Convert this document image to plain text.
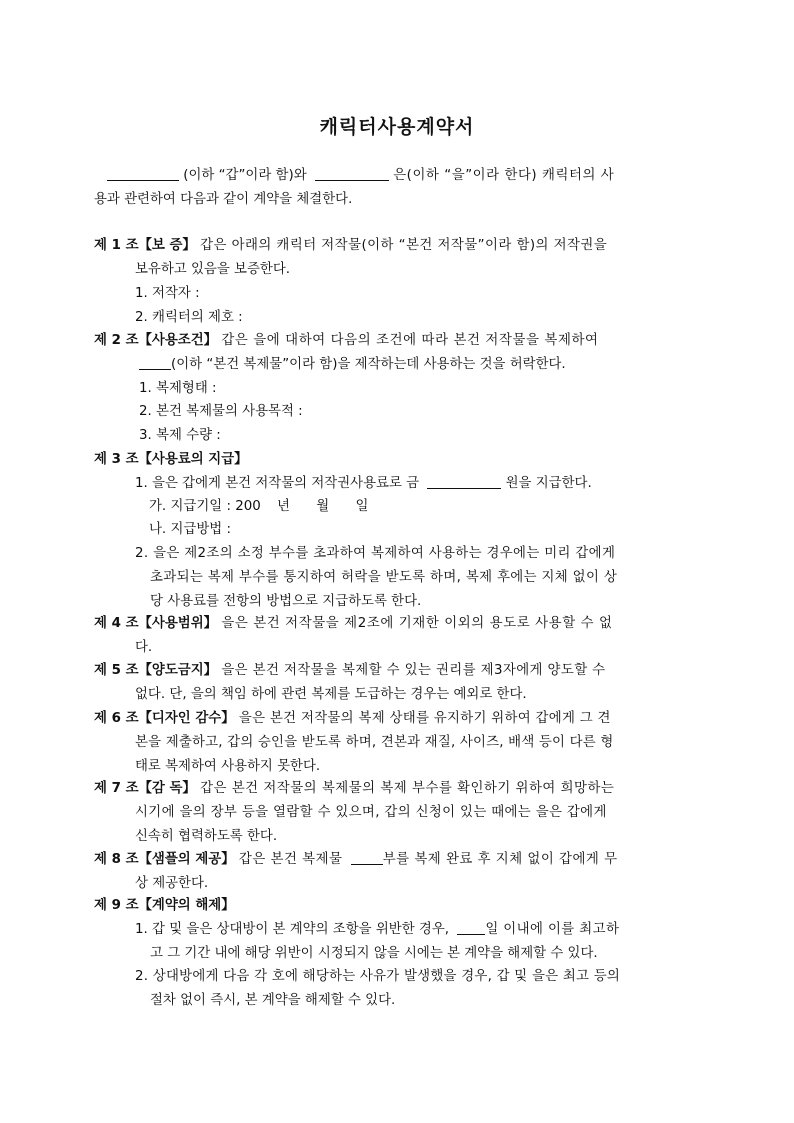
캐릭터사용계약서
(이하 “갑”이라 함)와	은(이하 “을”이라 한다) 캐릭터의 사
용과 관련하여 다음과 같이 계약을 체결한다.
제 1 조【보 증】 갑은 아래의 캐릭터 저작물(이하 “본건 저작물”이라 함)의 저작권을
보유하고 있음을 보증한다.
1. 저작자 :
2. 캐릭터의 제호 :
제 2 조【사용조건】 갑은 을에 대하여 다음의 조건에 따라 본건 저작물을 복제하여
(이하 “본건 복제물”이라 함)을 제작하는데 사용하는 것을 허락한다.
1. 복제형태 :
2. 본건 복제물의 사용목적 :
3. 복제 수량 :
제 3 조【사용료의 지급】
1. 을은 갑에게 본건 저작물의 저작권사용료로 금	원을 지급한다.
가. 지급기일 : 200 년 월 일
나. 지급방법 :
2. 을은 제2조의 소정 부수를 초과하여 복제하여 사용하는 경우에는 미리 갑에게
초과되는 복제 부수를 통지하여 허락을 받도록 하며, 복제 후에는 지체 없이 상
당 사용료를 전항의 방법으로 지급하도록 한다.
제 4 조【사용범위】 을은 본건 저작물을 제2조에 기재한 이외의 용도로 사용할 수 없
다.
제 5 조【양도금지】 을은 본건 저작물을 복제할 수 있는 권리를 제3자에게 양도할 수
없다. 단, 을의 책임 하에 관련 복제를 도급하는 경우는 예외로 한다.
제 6 조【디자인 감수】 을은 본건 저작물의 복제 상태를 유지하기 위하여 갑에게 그 견
본을 제출하고, 갑의 승인을 받도록 하며, 견본과 재질, 사이즈, 배색 등이 다른 형
태로 복제하여 사용하지 못한다.
제 7 조【감 독】 갑은 본건 저작물의 복제물의 복제 부수를 확인하기 위하여 희망하는
시기에 을의 장부 등을 열람할 수 있으며, 갑의 신청이 있는 때에는 을은 갑에게
신속히 협력하도록 한다.
제 8 조【샘플의 제공】 갑은 본건 복제물	부를 복제 완료 후 지체 없이 갑에게 무
상 제공한다.
제 9 조【계약의 해제】
1. 갑 및 을은 상대방이 본 계약의 조항을 위반한 경우,	일 이내에 이를 최고하
고 그 기간 내에 해당 위반이 시정되지 않을 시에는 본 계약을 해제할 수 있다.
2. 상대방에게 다음 각 호에 해당하는 사유가 발생했을 경우, 갑 및 을은 최고 등의
절차 없이 즉시, 본 계약을 해제할 수 있다.
